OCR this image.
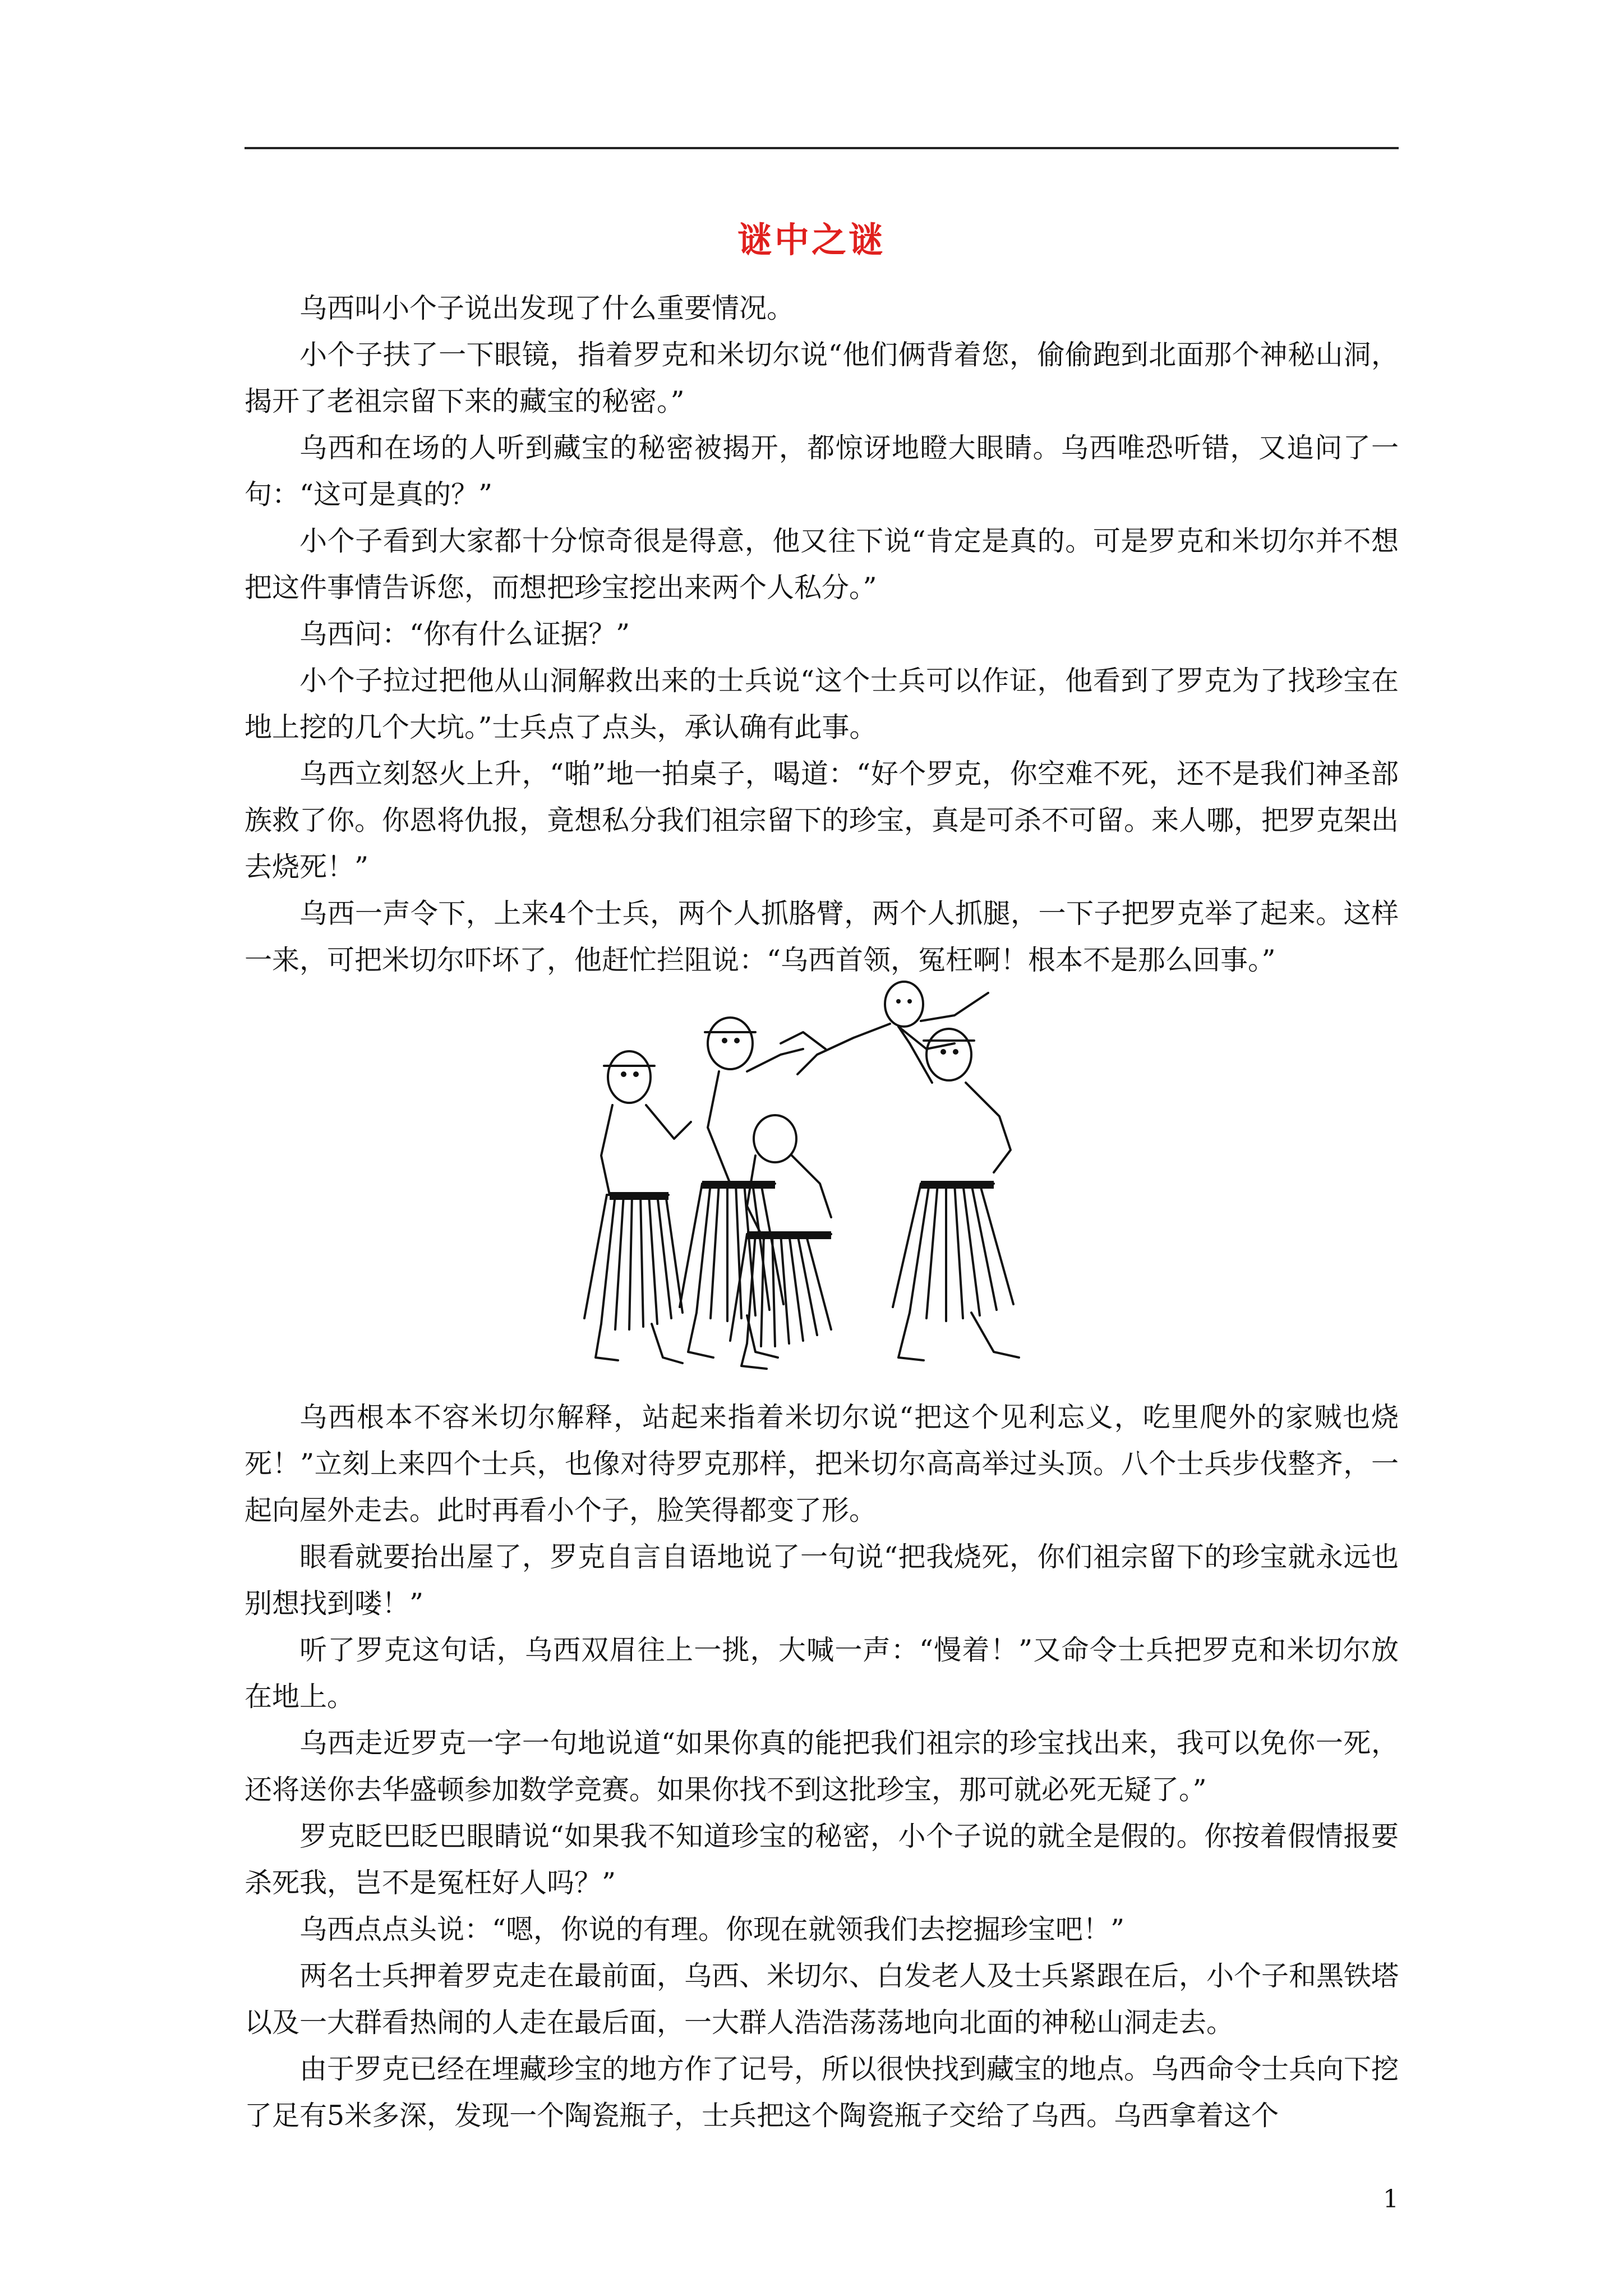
谜中之谜

乌西叫小个子说出发现了什么重要情况。

小个子扶了一下眼镜，指着罗克和米切尔说“他们俩背着您，偷偷跑到北面那个神秘山洞，揭开了老祖宗留下来的藏宝的秘密。”

乌西和在场的人听到藏宝的秘密被揭开，都惊讶地瞪大眼睛。乌西唯恐听错，又追问了一句：“这可是真的？”

小个子看到大家都十分惊奇很是得意，他又往下说“肯定是真的。可是罗克和米切尔并不想把这件事情告诉您，而想把珍宝挖出来两个人私分。”

乌西问：“你有什么证据？”

小个子拉过把他从山洞解救出来的士兵说“这个士兵可以作证，他看到了罗克为了找珍宝在地上挖的几个大坑。”士兵点了点头，承认确有此事。

乌西立刻怒火上升，“啪”地一拍桌子，喝道：“好个罗克，你空难不死，还不是我们神圣部族救了你。你恩将仇报，竟想私分我们祖宗留下的珍宝，真是可杀不可留。来人哪，把罗克架出去烧死！”

乌西一声令下，上来4个士兵，两个人抓胳臂，两个人抓腿，一下子把罗克举了起来。这样一来，可把米切尔吓坏了，他赶忙拦阻说：“乌西首领，冤枉啊！根本不是那么回事。”

乌西根本不容米切尔解释，站起来指着米切尔说“把这个见利忘义，吃里爬外的家贼也烧死！”立刻上来四个士兵，也像对待罗克那样，把米切尔高高举过头顶。八个士兵步伐整齐，一起向屋外走去。此时再看小个子，脸笑得都变了形。

眼看就要抬出屋了，罗克自言自语地说了一句说“把我烧死，你们祖宗留下的珍宝就永远也别想找到喽！”

听了罗克这句话，乌西双眉往上一挑，大喊一声：“慢着！”又命令士兵把罗克和米切尔放在地上。

乌西走近罗克一字一句地说道“如果你真的能把我们祖宗的珍宝找出来，我可以免你一死，还将送你去华盛顿参加数学竞赛。如果你找不到这批珍宝，那可就必死无疑了。”

罗克眨巴眨巴眼睛说“如果我不知道珍宝的秘密，小个子说的就全是假的。你按着假情报要杀死我，岂不是冤枉好人吗？”

乌西点点头说：“嗯，你说的有理。你现在就领我们去挖掘珍宝吧！”

两名士兵押着罗克走在最前面，乌西、米切尔、白发老人及士兵紧跟在后，小个子和黑铁塔以及一大群看热闹的人走在最后面，一大群人浩浩荡荡地向北面的神秘山洞走去。

由于罗克已经在埋藏珍宝的地方作了记号，所以很快找到藏宝的地点。乌西命令士兵向下挖了足有5米多深，发现一个陶瓷瓶子，士兵把这个陶瓷瓶子交给了乌西。乌西拿着这个

1
